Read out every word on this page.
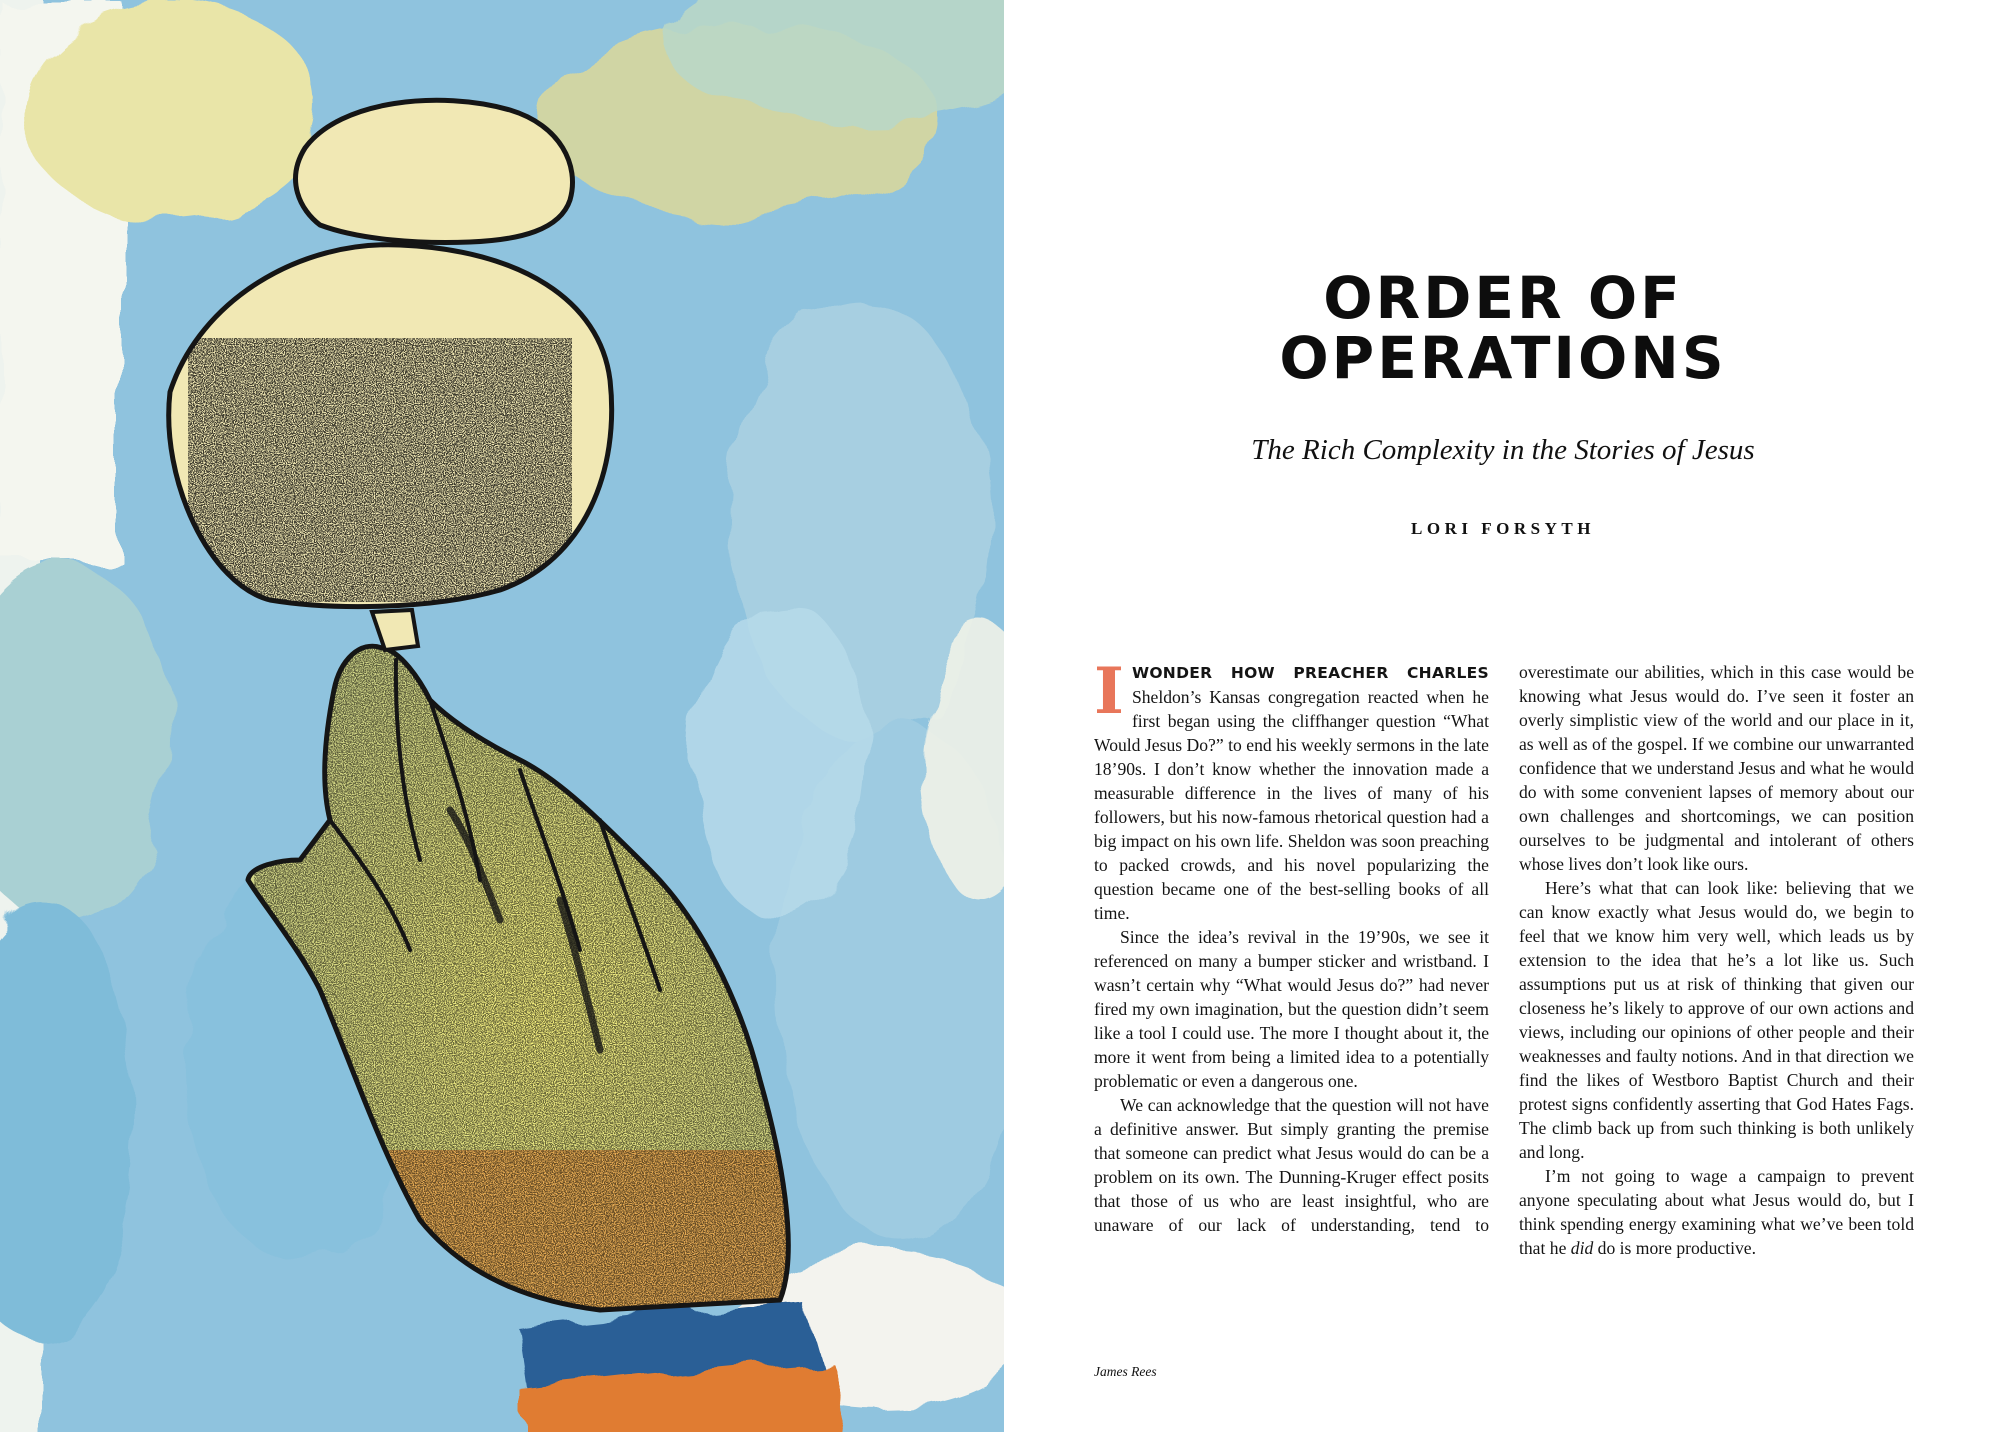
ORDER OF
OPERATIONS

The Rich Complexity in the Stories of Jesus

LORI FORSYTH

IWONDER HOW PREACHER CHARLES Sheldon’s Kansas congregation reacted when he first began using the cliffhanger question “What Would Jesus Do?” to end his weekly sermons in the late 18’90s. I don’t know whether the innovation made a measurable difference in the lives of many of his followers, but his now-famous rhetorical question had a big impact on his own life. Sheldon was soon preaching to packed crowds, and his novel popularizing the question became one of the best-selling books of all time.

Since the idea’s revival in the 19’90s, we see it referenced on many a bumper sticker and wristband. I wasn’t certain why “What would Jesus do?” had never fired my own imagination, but the question didn’t seem like a tool I could use. The more I thought about it, the more it went from being a limited idea to a potentially problematic or even a dangerous one.

We can acknowledge that the question will not have a definitive answer. But simply granting the premise that someone can predict what Jesus would do can be a problem on its own. The Dunning-Kruger effect posits that those of us who are least insightful, who are unaware of our lack of understanding, tend to overestimate our abilities, which in this case would be knowing what Jesus would do. I’ve seen it foster an overly simplistic view of the world and our place in it, as well as of the gospel. If we combine our unwarranted confidence that we understand Jesus and what he would do with some convenient lapses of memory about our own challenges and shortcomings, we can position ourselves to be judgmental and intolerant of others whose lives don’t look like ours.

Here’s what that can look like: believing that we can know exactly what Jesus would do, we begin to feel that we know him very well, which leads us by extension to the idea that he’s a lot like us. Such assumptions put us at risk of thinking that given our closeness he’s likely to approve of our own actions and views, including our opinions of other people and their weaknesses and faulty notions. And in that direction we find the likes of Westboro Baptist Church and their protest signs confidently asserting that God Hates Fags. The climb back up from such thinking is both unlikely and long.

I’m not going to wage a campaign to prevent anyone speculating about what Jesus would do, but I think spending energy examining what we’ve been told that he did do is more productive.

James Rees
